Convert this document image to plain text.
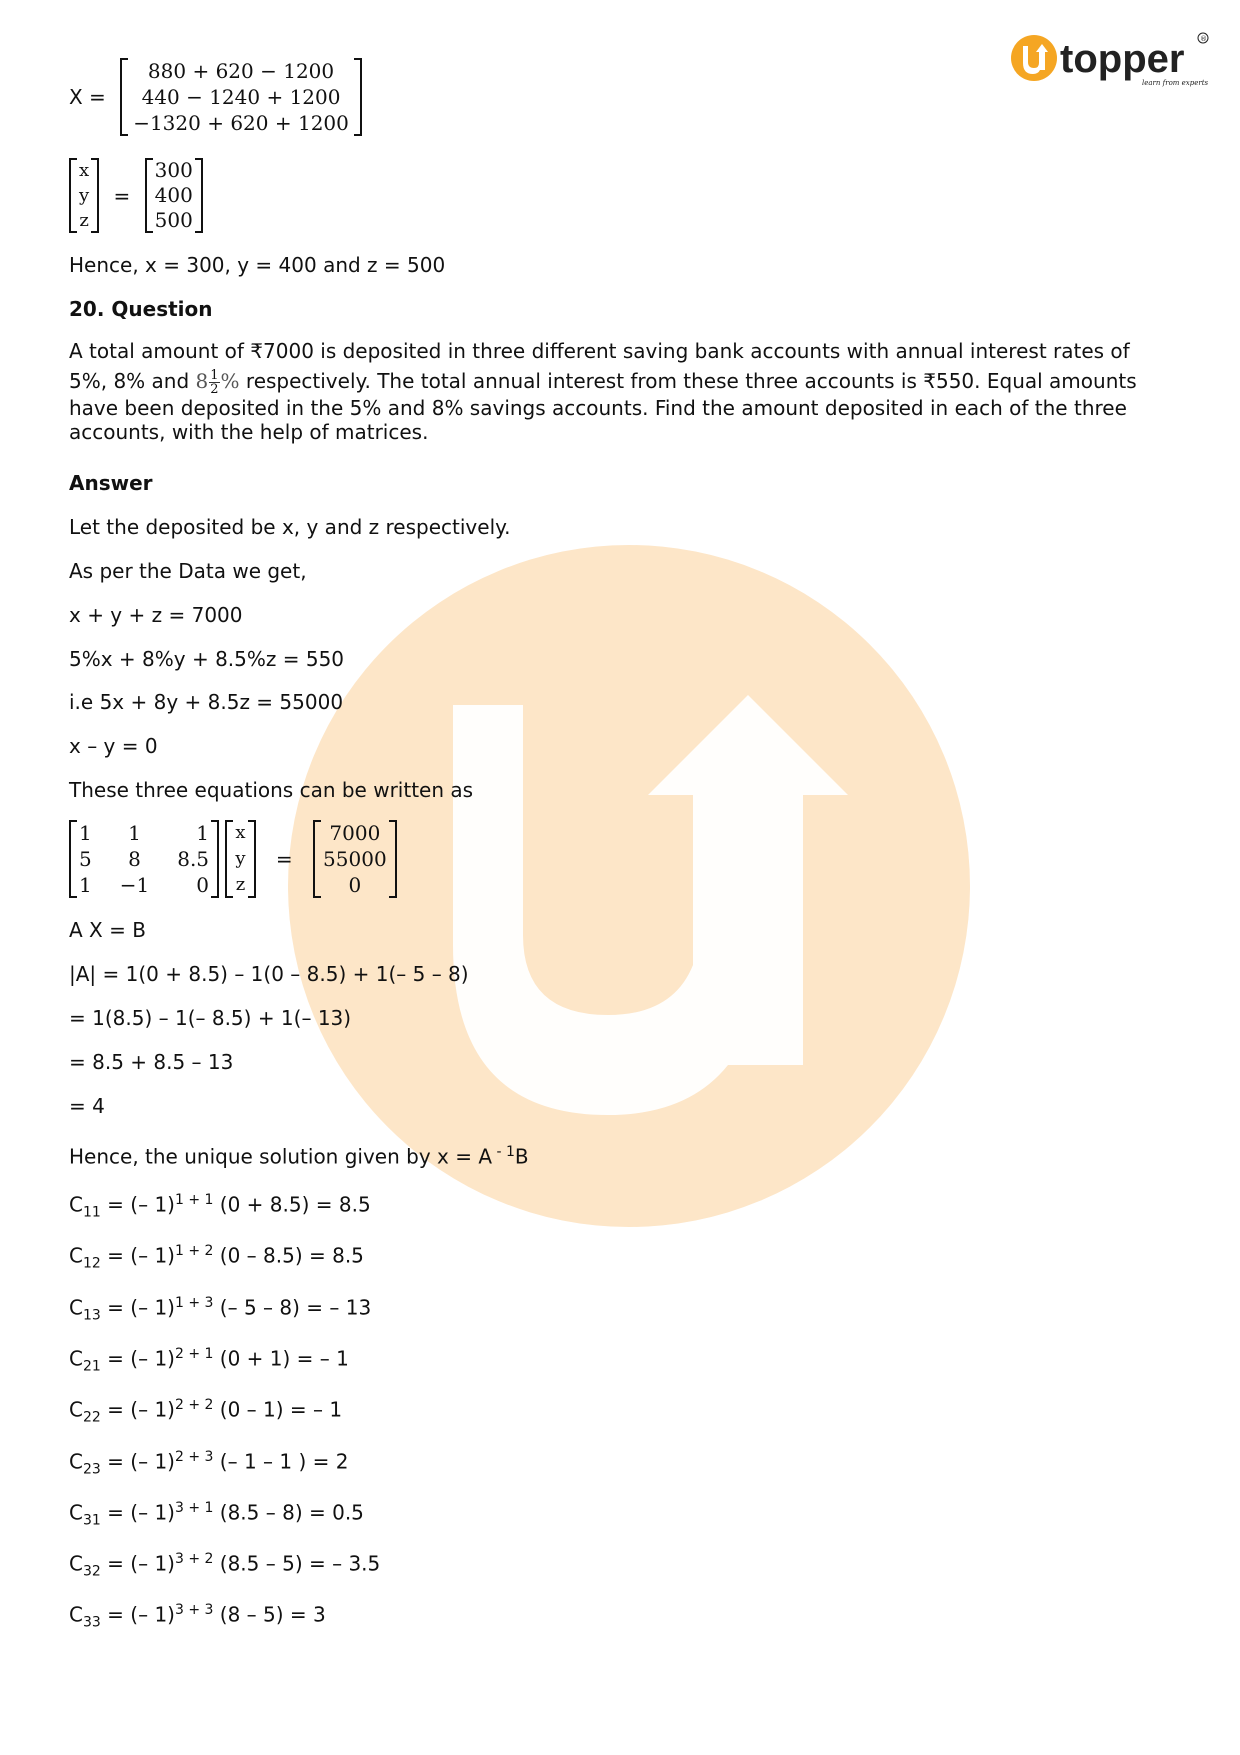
topper
learn from experts
®
X =
880 + 620 − 1200
440 − 1240 + 1200
−1320 + 620 + 1200
x
y
z
=
300
400
500
Hence, x = 300, y = 400 and z = 500
20. Question
A total amount of ₹7000 is deposited in three different saving bank accounts with annual interest rates of
5%, 8% and $8 \frac{1}{2}$ % respectively. The total annual interest from these three accounts is ₹550. Equal amounts
have been deposited in the 5% and 8% savings accounts. Find the amount deposited in each of the three
accounts, with the help of matrices.
Answer
Let the deposited be x, y and z respectively.
As per the Data we get,
x + y + z = 7000
5%x + 8%y + 8.5%z = 550
i.e 5x + 8y + 8.5z = 55000
x – y = 0
These three equations can be written as
1	1	1
5	8	8.5
1	−1	0

x
y
z
=
7000
55000
0
A X = B
|A| = 1(0 + 8.5) – 1(0 – 8.5) + 1(– 5 – 8)
= 1(8.5) – 1(– 8.5) + 1(– 13)
= 8.5 + 8.5 – 13
= 4
Hence, the unique solution given by x = A $^{- 1}$B
$C_{11}$ = (– 1)$^{1 + 1}$ (0 + 8.5) = 8.5
$C_{12}$ = (– 1)$^{1 + 2}$ (0 – 8.5) = 8.5
$C_{13}$ = (– 1)$^{1 + 3}$ (– 5 – 8) = – 13
$C_{21}$ = (– 1)$^{2 + 1}$ (0 + 1) = – 1
$C_{22}$ = (– 1)$^{2 + 2}$ (0 – 1) = – 1
$C_{23}$ = (– 1)$^{2 + 3}$ (– 1 – 1 ) = 2
$C_{31}$ = (– 1)$^{3 + 1}$ (8.5 – 8) = 0.5
$C_{32}$ = (– 1)$^{3 + 2}$ (8.5 – 5) = – 3.5
$C_{33}$ = (– 1)$^{3 + 3}$ (8 – 5) = 3
